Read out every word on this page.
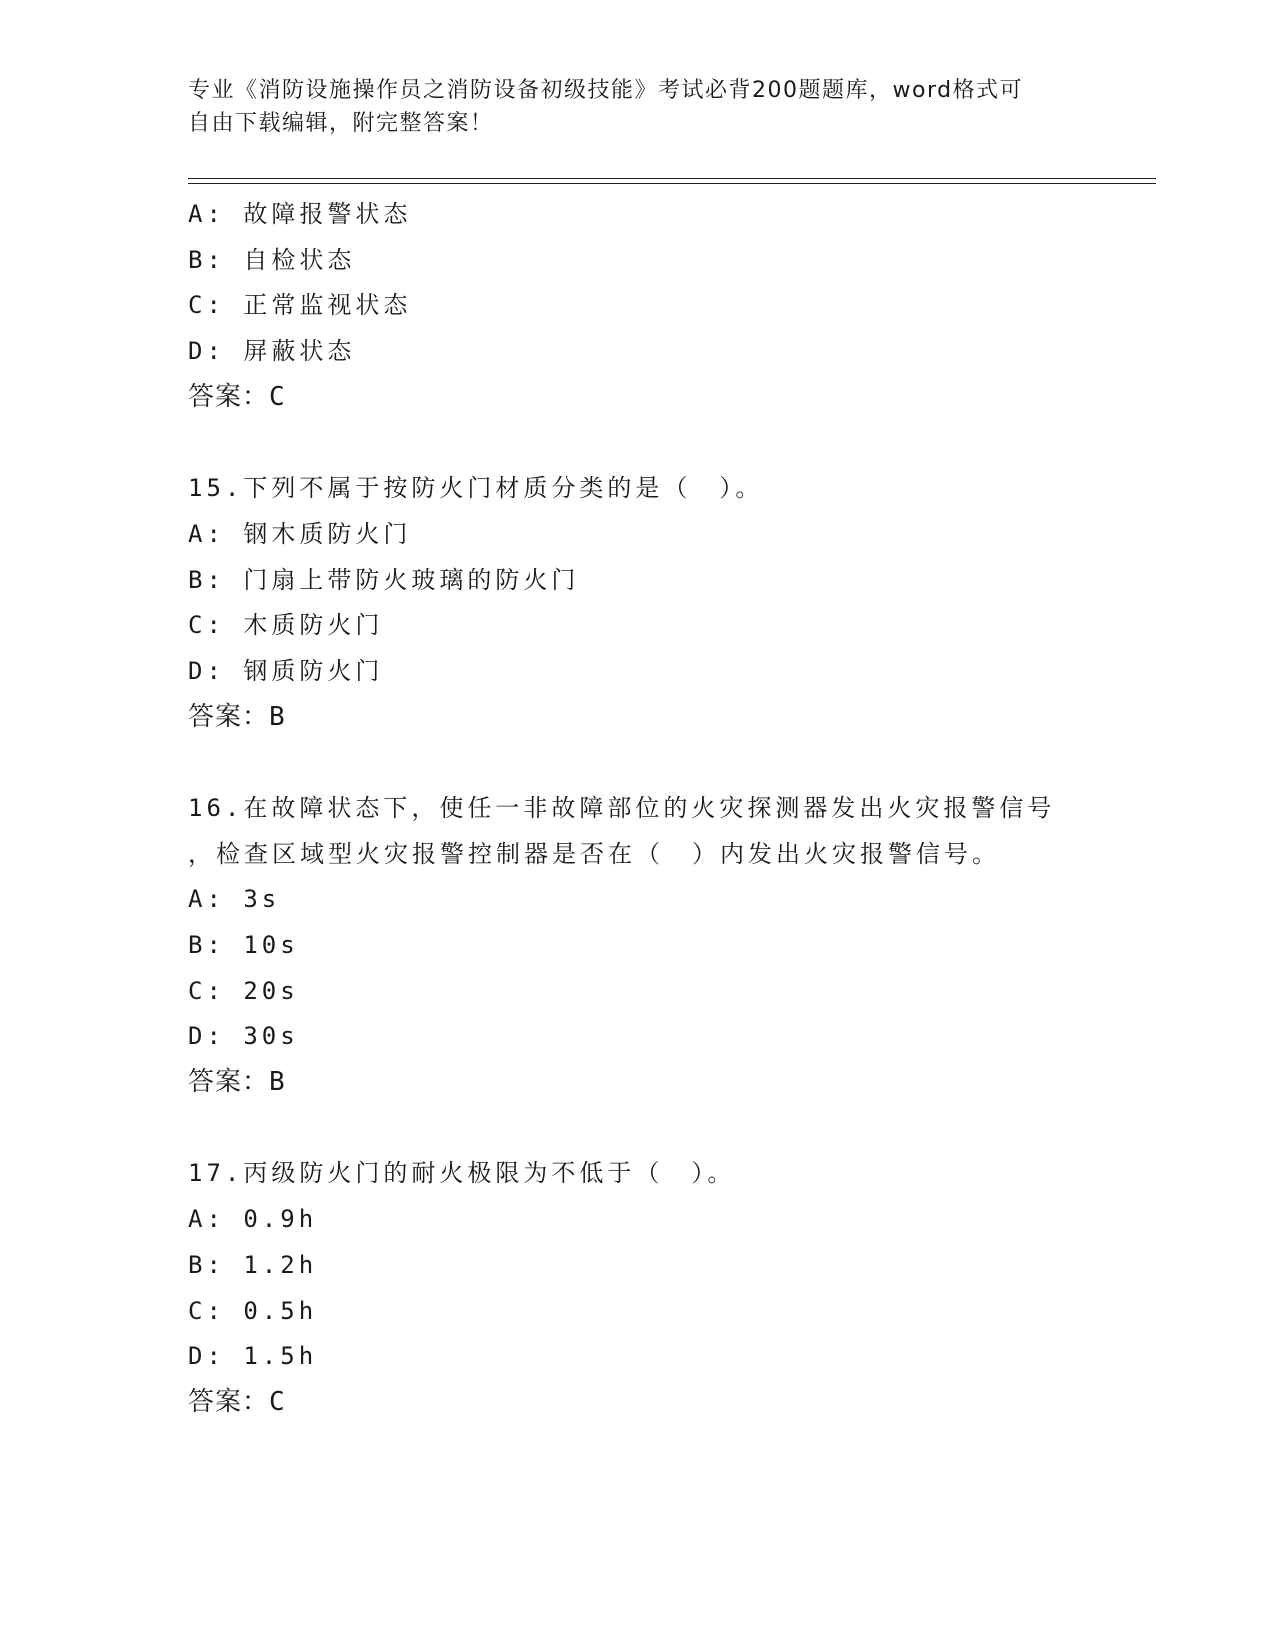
专业《消防设施操作员之消防设备初级技能》考试必背200题题库，word格式可
自由下载编辑，附完整答案！
A: 故障报警状态
B: 自检状态
C: 正常监视状态
D: 屏蔽状态
答案：C
15.下列不属于按防火门材质分类的是（　）。
A: 钢木质防火门
B: 门扇上带防火玻璃的防火门
C: 木质防火门
D: 钢质防火门
答案：B
16.在故障状态下，使任一非故障部位的火灾探测器发出火灾报警信号
，检查区域型火灾报警控制器是否在（　）内发出火灾报警信号。
A: 3s
B: 10s
C: 20s
D: 30s
答案：B
17.丙级防火门的耐火极限为不低于（　）。
A: 0.9h
B: 1.2h
C: 0.5h
D: 1.5h
答案：C
